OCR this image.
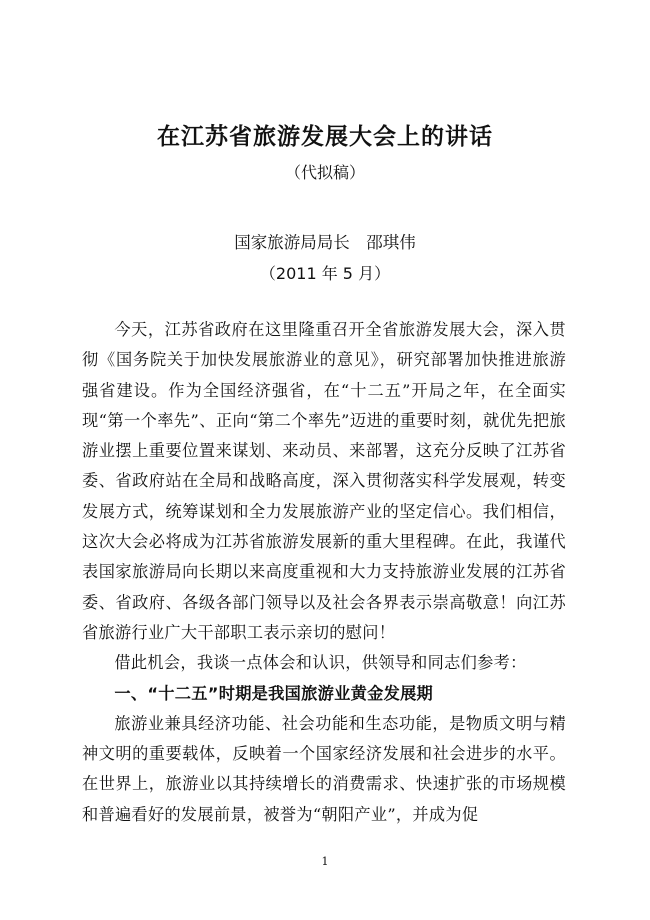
在江苏省旅游发展大会上的讲话
（代拟稿）
国家旅游局局长　邵琪伟
（2011 年 5 月）

今天，江苏省政府在这里隆重召开全省旅游发展大会，深入贯彻《国务院关于加快发展旅游业的意见》，研究部署加快推进旅游强省建设。作为全国经济强省，在“十二五”开局之年，在全面实现“第一个率先”、正向“第二个率先”迈进的重要时刻，就优先把旅游业摆上重要位置来谋划、来动员、来部署，这充分反映了江苏省委、省政府站在全局和战略高度，深入贯彻落实科学发展观，转变发展方式，统筹谋划和全力发展旅游产业的坚定信心。我们相信，这次大会必将成为江苏省旅游发展新的重大里程碑。在此，我谨代表国家旅游局向长期以来高度重视和大力支持旅游业发展的江苏省委、省政府、各级各部门领导以及社会各界表示崇高敬意！向江苏省旅游行业广大干部职工表示亲切的慰问！

借此机会，我谈一点体会和认识，供领导和同志们参考：

一、“十二五”时期是我国旅游业黄金发展期

旅游业兼具经济功能、社会功能和生态功能，是物质文明与精神文明的重要载体，反映着一个国家经济发展和社会进步的水平。在世界上，旅游业以其持续增长的消费需求、快速扩张的市场规模和普遍看好的发展前景，被誉为“朝阳产业”，并成为促

1
